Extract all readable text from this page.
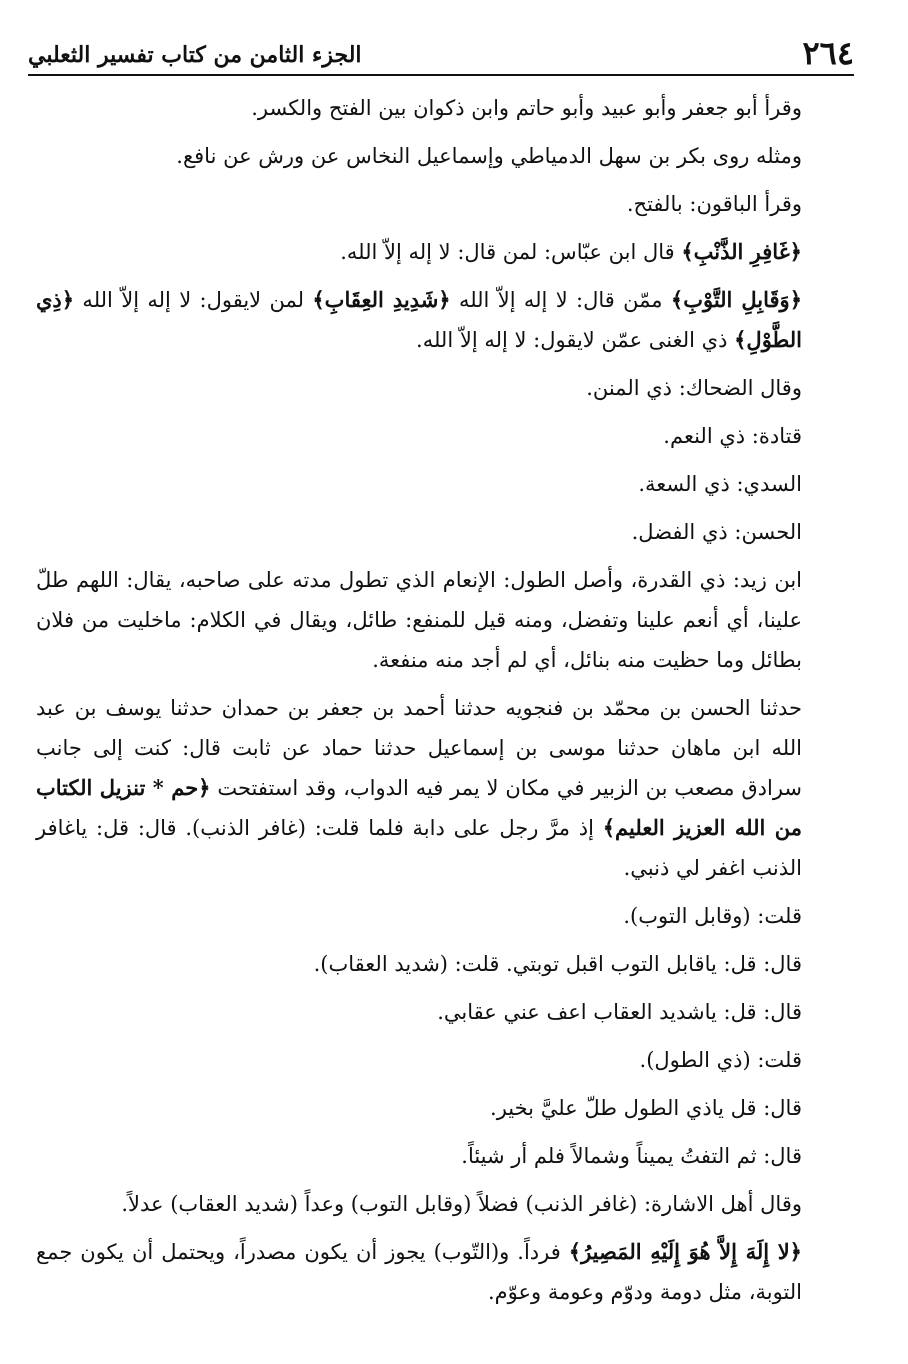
٢٦٤
الجزء الثامن من كتاب تفسير الثعلبي

وقرأ أبو جعفر وأبو عبيد وأبو حاتم وابن ذكوان بين الفتح والكسر.

ومثله روى بكر بن سهل الدمياطي وإسماعيل النخاس عن ورش عن نافع.

وقرأ الباقون: بالفتح.

﴿غَافِرِ الذَّنْبِ﴾ قال ابن عبّاس: لمن قال: لا إله إلاّ الله.

﴿وَقَابِلِ التَّوْبِ﴾ ممّن قال: لا إله إلاّ الله ﴿شَدِيدِ العِقَابِ﴾ لمن لايقول: لا إله إلاّ الله ﴿ذِي الطَّوْلِ﴾ ذي الغنى عمّن لايقول: لا إله إلاّ الله.

وقال الضحاك: ذي المنن.

قتادة: ذي النعم.

السدي: ذي السعة.

الحسن: ذي الفضل.

ابن زيد: ذي القدرة، وأصل الطول: الإنعام الذي تطول مدته على صاحبه، يقال: اللهم طلّ علينا، أي أنعم علينا وتفضل، ومنه قيل للمنفع: طائل، ويقال في الكلام: ماخليت من فلان بطائل وما حظيت منه بنائل، أي لم أجد منه منفعة.

حدثنا الحسن بن محمّد بن فنجويه حدثنا أحمد بن جعفر بن حمدان حدثنا يوسف بن عبد الله ابن ماهان حدثنا موسى بن إسماعيل حدثنا حماد عن ثابت قال: كنت إلى جانب سرادق مصعب بن الزبير في مكان لا يمر فيه الدواب، وقد استفتحت ﴿حم * تنزيل الكتاب من الله العزيز العليم﴾ إذ مرَّ رجل على دابة فلما قلت: (غافر الذنب). قال: قل: ياغافر الذنب اغفر لي ذنبي.

قلت: (وقابل التوب).

قال: قل: ياقابل التوب اقبل توبتي. قلت: (شديد العقاب).

قال: قل: ياشديد العقاب اعف عني عقابي.

قلت: (ذي الطول).

قال: قل ياذي الطول طلّ عليَّ بخير.

قال: ثم التفتُ يميناً وشمالاً فلم أر شيئاً.

وقال أهل الاشارة: (غافر الذنب) فضلاً (وقابل التوب) وعداً (شديد العقاب) عدلاً.

﴿لا إِلَهَ إِلاَّ هُوَ إِلَيْهِ المَصِيرُ﴾ فرداً. و(التّوب) يجوز أن يكون مصدراً، ويحتمل أن يكون جمع التوبة، مثل دومة ودوّم وعومة وعوّم.
